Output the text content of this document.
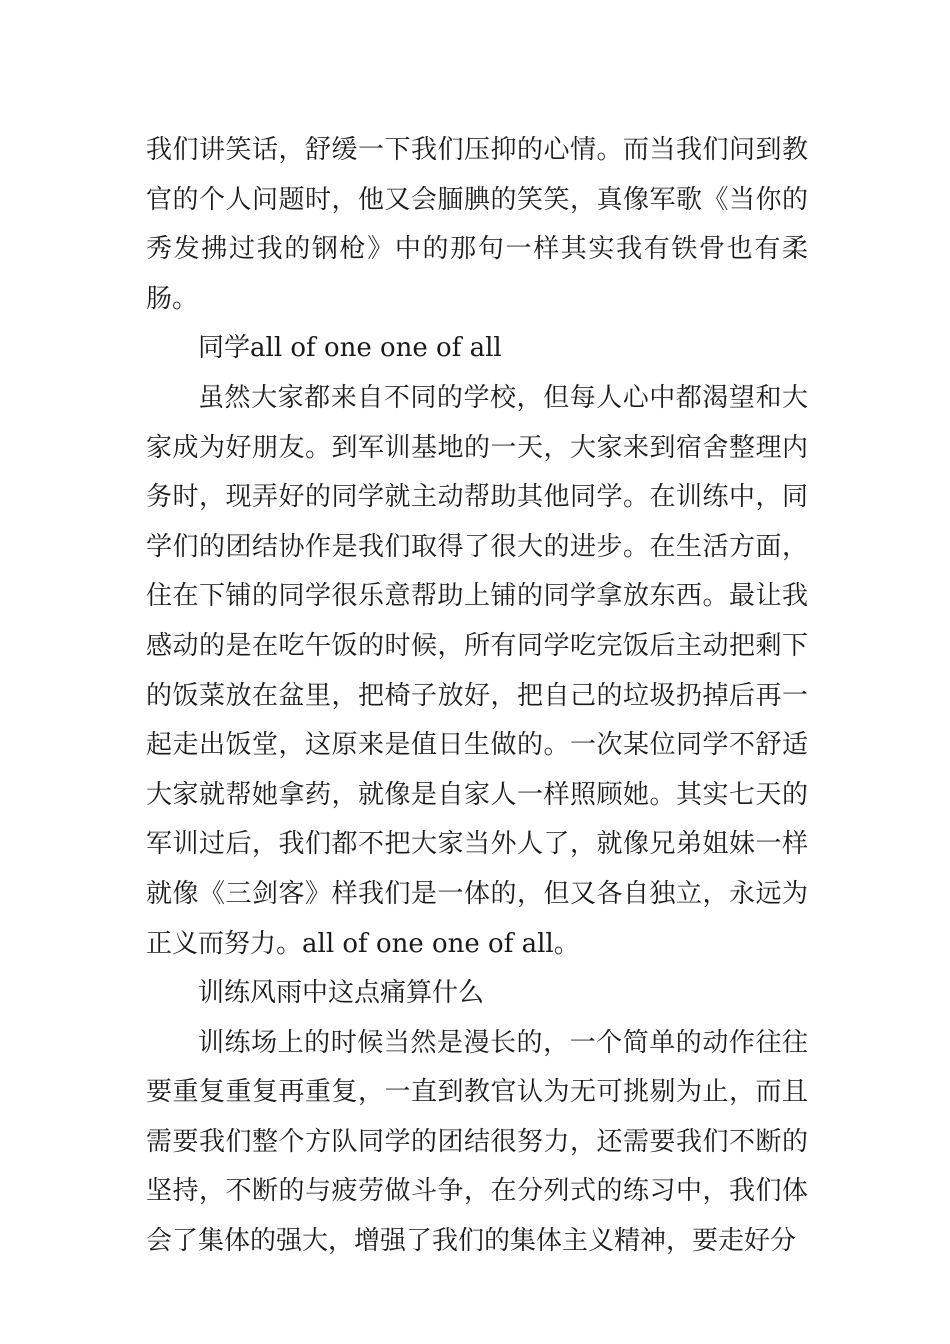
我们讲笑话，舒缓一下我们压抑的心情。而当我们问到教官的个人问题时，他又会腼腆的笑笑，真像军歌《当你的秀发拂过我的钢枪》中的那句一样其实我有铁骨也有柔肠。

同学all of one one of all

虽然大家都来自不同的学校，但每人心中都渴望和大家成为好朋友。到军训基地的一天，大家来到宿舍整理内务时，现弄好的同学就主动帮助其他同学。在训练中，同学们的团结协作是我们取得了很大的进步。在生活方面，住在下铺的同学很乐意帮助上铺的同学拿放东西。最让我感动的是在吃午饭的时候，所有同学吃完饭后主动把剩下的饭菜放在盆里，把椅子放好，把自己的垃圾扔掉后再一起走出饭堂，这原来是值日生做的。一次某位同学不舒适大家就帮她拿药，就像是自家人一样照顾她。其实七天的军训过后，我们都不把大家当外人了，就像兄弟姐妹一样就像《三剑客》样我们是一体的，但又各自独立，永远为正义而努力。all of one one of all。

训练风雨中这点痛算什么

训练场上的时候当然是漫长的，一个简单的动作往往要重复重复再重复，一直到教官认为无可挑剔为止，而且需要我们整个方队同学的团结很努力，还需要我们不断的坚持，不断的与疲劳做斗争，在分列式的练习中，我们体会了集体的强大，增强了我们的集体主义精神，要走好分
